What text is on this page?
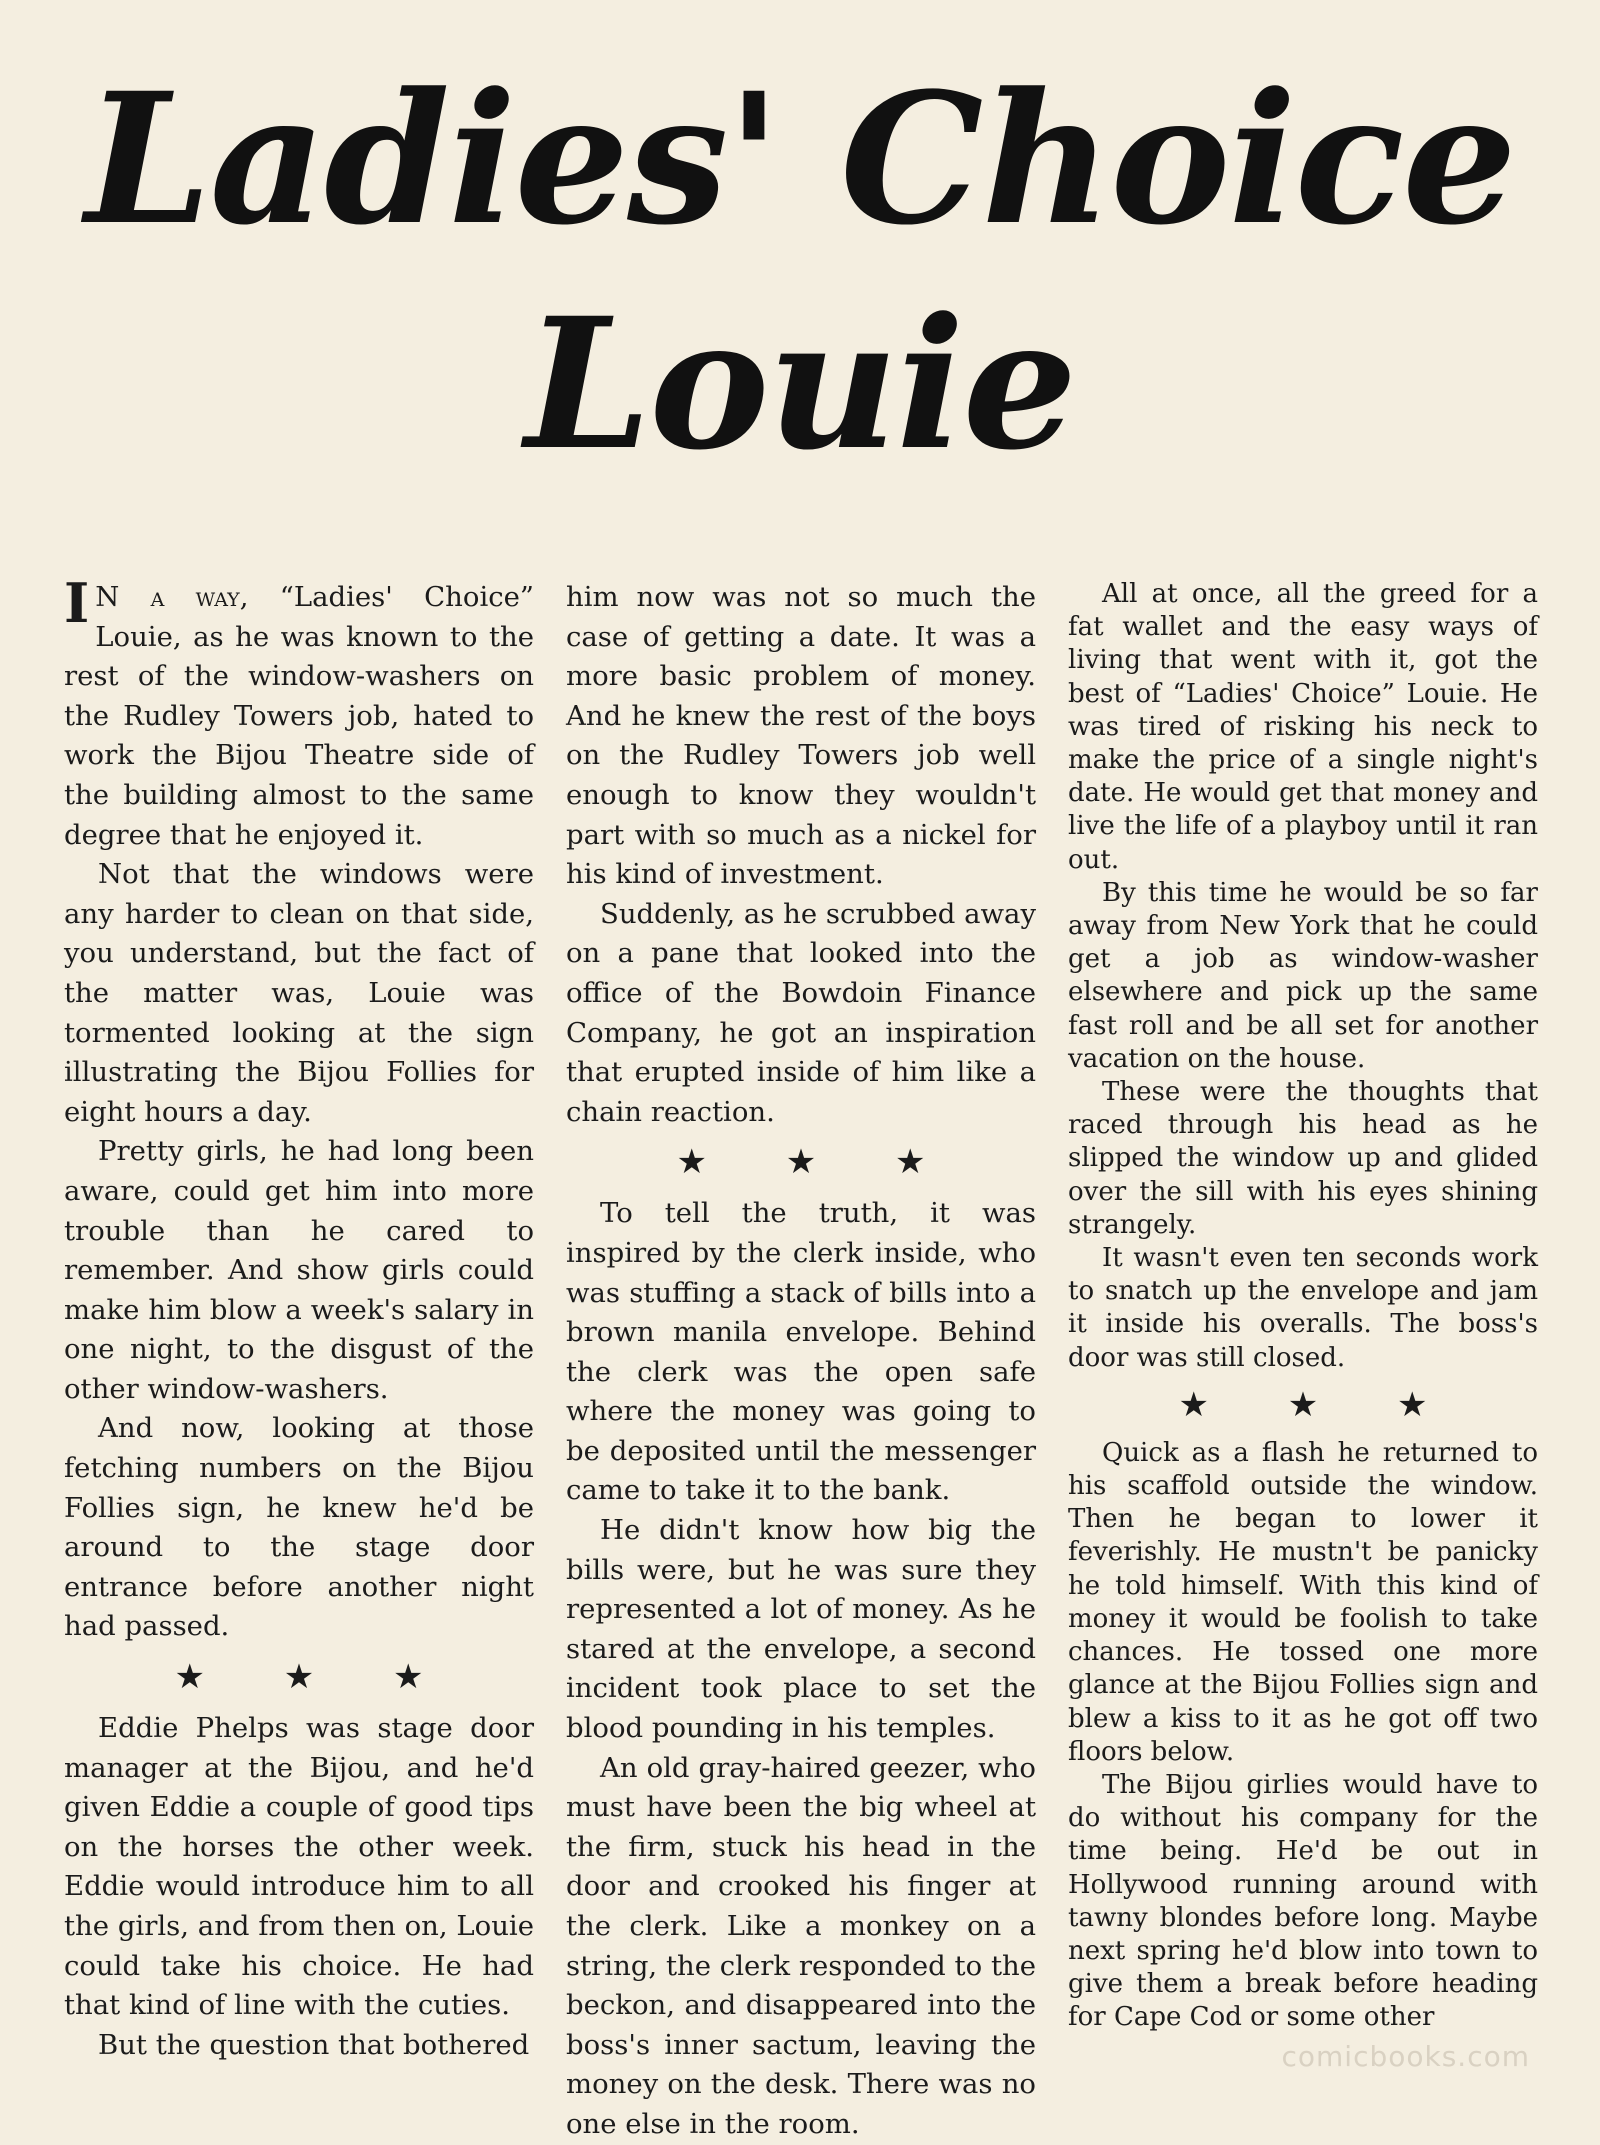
Ladies' Choice
Louie

I N a way, “Ladies' Choice” Louie, as he was known to the rest of the window-washers on the Rudley Towers job, hated to work the Bijou Theatre side of the building almost to the same degree that he enjoyed it.

Not that the windows were any harder to clean on that side, you understand, but the fact of the matter was, Louie was tormented looking at the sign illustrating the Bijou Follies for eight hours a day.

Pretty girls, he had long been aware, could get him into more trouble than he cared to remember. And show girls could make him blow a week's salary in one night, to the disgust of the other window-washers.

And now, looking at those fetching numbers on the Bijou Follies sign, he knew he'd be around to the stage door entrance before another night had passed.

★ ★ ★

Eddie Phelps was stage door manager at the Bijou, and he'd given Eddie a couple of good tips on the horses the other week. Eddie would introduce him to all the girls, and from then on, Louie could take his choice. He had that kind of line with the cuties.

But the question that bothered

him now was not so much the case of getting a date. It was a more basic problem of money. And he knew the rest of the boys on the Rudley Towers job well enough to know they wouldn't part with so much as a nickel for his kind of investment.

Suddenly, as he scrubbed away on a pane that looked into the office of the Bowdoin Finance Company, he got an inspiration that erupted inside of him like a chain reaction.

★ ★ ★

To tell the truth, it was inspired by the clerk inside, who was stuffing a stack of bills into a brown manila envelope. Behind the clerk was the open safe where the money was going to be deposited until the messenger came to take it to the bank.

He didn't know how big the bills were, but he was sure they represented a lot of money. As he stared at the envelope, a second incident took place to set the blood pounding in his temples.

An old gray-haired geezer, who must have been the big wheel at the firm, stuck his head in the door and crooked his finger at the clerk. Like a monkey on a string, the clerk responded to the beckon, and disappeared into the boss's inner sactum, leaving the money on the desk. There was no one else in the room.

All at once, all the greed for a fat wallet and the easy ways of living that went with it, got the best of “Ladies' Choice” Louie. He was tired of risking his neck to make the price of a single night's date. He would get that money and live the life of a playboy until it ran out.

By this time he would be so far away from New York that he could get a job as window-washer elsewhere and pick up the same fast roll and be all set for another vacation on the house.

These were the thoughts that raced through his head as he slipped the window up and glided over the sill with his eyes shining strangely.

It wasn't even ten seconds work to snatch up the envelope and jam it inside his overalls. The boss's door was still closed.

★ ★ ★

Quick as a flash he returned to his scaffold outside the window. Then he began to lower it feverishly. He mustn't be panicky he told himself. With this kind of money it would be foolish to take chances. He tossed one more glance at the Bijou Follies sign and blew a kiss to it as he got off two floors below.

The Bijou girlies would have to do without his company for the time being. He'd be out in Hollywood running around with tawny blondes before long. Maybe next spring he'd blow into town to give them a break before heading for Cape Cod or some other

comicbooks.com
